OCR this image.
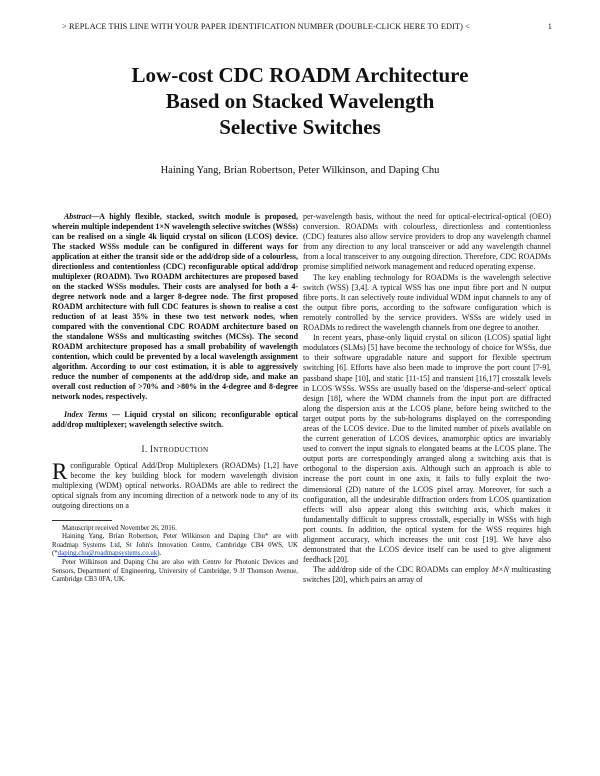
> REPLACE THIS LINE WITH YOUR PAPER IDENTIFICATION NUMBER (DOUBLE-CLICK HERE TO EDIT) <	1
Low-cost CDC ROADM Architecture
Based on Stacked Wavelength
Selective Switches
Haining Yang, Brian Robertson, Peter Wilkinson, and Daping Chu

Abstract—A highly flexible, stacked, switch module is proposed, wherein multiple independent 1×N wavelength selective switches (WSSs) can be realised on a single 4k liquid crystal on silicon (LCOS) device. The stacked WSSs module can be configured in different ways for application at either the transit side or the add/drop side of a colourless, directionless and contentionless (CDC) reconfigurable optical add/drop multiplexer (ROADM). Two ROADM architectures are proposed based on the stacked WSSs modules. Their costs are analysed for both a 4-degree network node and a larger 8-degree node. The first proposed ROADM architecture with full CDC features is shown to realise a cost reduction of at least 35% in these two test network nodes, when compared with the conventional CDC ROADM architecture based on the standalone WSSs and multicasting switches (MCSs). The second ROADM architecture proposed has a small probability of wavelength contention, which could be prevented by a local wavelength assignment algorithm. According to our cost estimation, it is able to aggressively reduce the number of components at the add/drop side, and make an overall cost reduction of >70% and >80% in the 4-degree and 8-degree network nodes, respectively.

Index Terms — Liquid crystal on silicon; reconfigurable optical add/drop multiplexer; wavelength selective switch.

I. INTRODUCTION

Rconfigurable Optical Add/Drop Multiplexers (ROADMs) [1,2] have become the key building block for modern wavelength division multiplexing (WDM) optical networks. ROADMs are able to redirect the optical signals from any incoming direction of a network node to any of its outgoing directions on a

Manuscript received November 26, 2016.

Haining Yang, Brian Robertson, Peter Wilkinson and Daping Chu* are with Roadmap Systems Ltd, St John's Innovation Centre, Cambridge CB4 0WS, UK (*daping.chu@roadmapsystems.co.uk).

Peter Wilkinson and Daping Chu are also with Centre for Photonic Devices and Sensors, Department of Engineering, University of Cambridge, 9 JJ Thomson Avenue, Cambridge CB3 0FA, UK.

per-wavelength basis, without the need for optical-electrical-optical (OEO) conversion. ROADMs with colourless, directionless and contentionless (CDC) features also allow service providers to drop any wavelength channel from any direction to any local transceiver or add any wavelength channel from a local transceiver to any outgoing direction. Therefore, CDC ROADMs promise simplified network management and reduced operating expense.

The key enabling technology for ROADMs is the wavelength selective switch (WSS) [3,4]. A typical WSS has one input fibre port and N output fibre ports. It can selectively route individual WDM input channels to any of the output fibre ports, according to the software configuration which is remotely controlled by the service providers. WSSs are widely used in ROADMs to redirect the wavelength channels from one degree to another.

In recent years, phase-only liquid crystal on silicon (LCOS) spatial light modulators (SLMs) [5] have become the technology of choice for WSSs, due to their software upgradable nature and support for flexible spectrum switching [6]. Efforts have also been made to improve the port count [7-9], passband shape [10], and static [11-15] and transient [16,17] crosstalk levels in LCOS WSSs. WSSs are usually based on the 'disperse-and-select' optical design [18], where the WDM channels from the input port are diffracted along the dispersion axis at the LCOS plane, before being switched to the target output ports by the sub-holograms displayed on the corresponding areas of the LCOS device. Due to the limited number of pixels available on the current generation of LCOS devices, anamorphic optics are invariably used to convert the input signals to elongated beams at the LCOS plane. The output ports are correspondingly arranged along a switching axis that is orthogonal to the dispersion axis. Although such an approach is able to increase the port count in one axis, it fails to fully exploit the two-dimensional (2D) nature of the LCOS pixel array. Moreover, for such a configuration, all the undesirable diffraction orders from LCOS quantization effects will also appear along this switching axis, which makes it fundamentally difficult to suppress crosstalk, especially in WSSs with high port counts. In addition, the optical system for the WSS requires high alignment accuracy, which increases the unit cost [19]. We have also demonstrated that the LCOS device itself can be used to give alignment feedback [20].

The add/drop side of the CDC ROADMs can employ M×N multicasting switches [20], which pairs an array of
